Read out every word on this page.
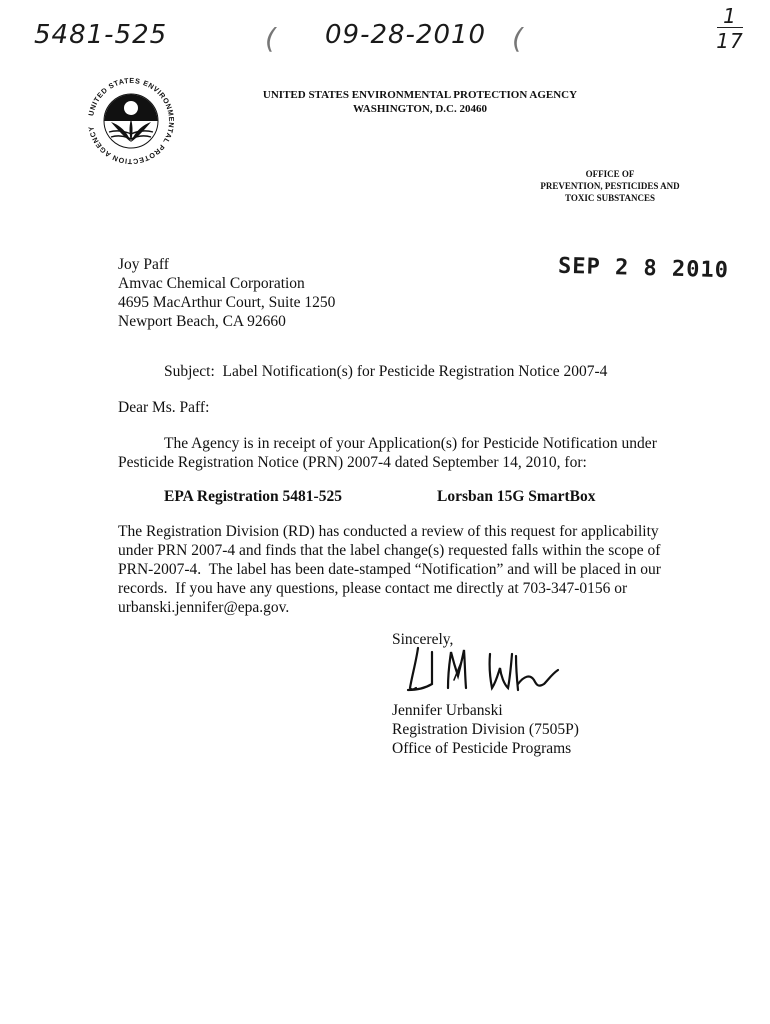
5481-525	( 09-28-2010 (
1
17
UNITED STATES ENVIRONMENTAL PROTECTION AGENCY
UNITED STATES ENVIRONMENTAL PROTECTION AGENCY
WASHINGTON, D.C. 20460
OFFICE OF
PREVENTION, PESTICIDES AND
TOXIC SUBSTANCES
SEP 2 8 2010
Joy Paff
Amvac Chemical Corporation
4695 MacArthur Court, Suite 1250
Newport Beach, CA 92660
Subject:  Label Notification(s) for Pesticide Registration Notice 2007-4
Dear Ms. Paff:
The Agency is in receipt of your Application(s) for Pesticide Notification under
Pesticide Registration Notice (PRN) 2007-4 dated September 14, 2010, for:
EPA Registration 5481-525	Lorsban 15G SmartBox
The Registration Division (RD) has conducted a review of this request for applicability
under PRN 2007-4 and finds that the label change(s) requested falls within the scope of
PRN-2007-4.  The label has been date-stamped “Notification” and will be placed in our
records.  If you have any questions, please contact me directly at 703-347-0156 or
urbanski.jennifer@epa.gov.
Sincerely,
Jennifer Urbanski
Registration Division (7505P)
Office of Pesticide Programs
